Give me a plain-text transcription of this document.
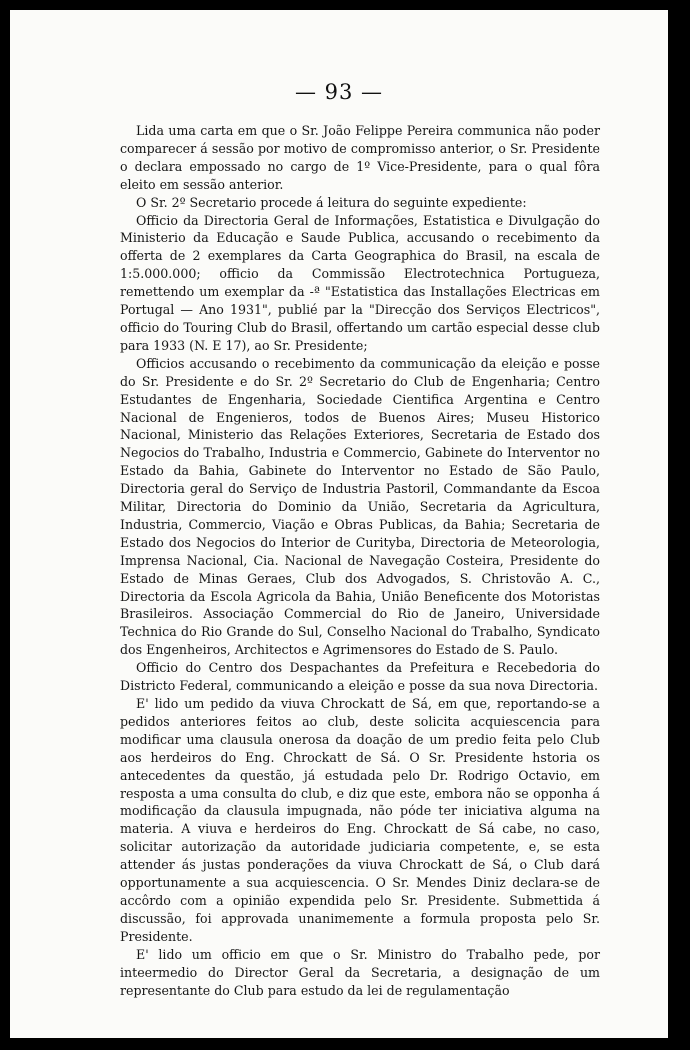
— 93 —

Lida uma carta em que o Sr. João Felippe Pereira communica não poder comparecer á sessão por motivo de compromisso anterior, o Sr. Presidente o declara empossado no cargo de 1º Vice-Presidente, para o qual fôra eleito em sessão anterior.

O Sr. 2º Secretario procede á leitura do seguinte expediente:

Officio da Directoria Geral de Informações, Estatistica e Divulgação do Ministerio da Educação e Saude Publica, accusando o recebimento da offerta de 2 exemplares da Carta Geographica do Brasil, na escala de 1:5.000.000; officio da Commissão Electrotechnica Portugueza, remettendo um exemplar da -ª "Estatistica das Installações Electricas em Portugal — Ano 1931", publié par la "Direcção dos Serviços Electricos", officio do Touring Club do Brasil, offertando um cartão especial desse club para 1933 (N. E 17), ao Sr. Presidente;

Officios accusando o recebimento da communicação da eleição e posse do Sr. Presidente e do Sr. 2º Secretario do Club de Engenharia; Centro Estudantes de Engenharia, Sociedade Cientifica Argentina e Centro Nacional de Engenieros, todos de Buenos Aires; Museu Historico Nacional, Ministerio das Relações Exteriores, Secretaria de Estado dos Negocios do Trabalho, Industria e Commercio, Gabinete do Interventor no Estado da Bahia, Gabinete do Interventor no Estado de São Paulo, Directoria geral do Serviço de Industria Pastoril, Commandante da Escoa Militar, Directoria do Dominio da União, Secretaria da Agricultura, Industria, Commercio, Viação e Obras Publicas, da Bahia; Secretaria de Estado dos Negocios do Interior de Curityba, Directoria de Meteorologia, Imprensa Nacional, Cia. Nacional de Navegação Costeira, Presidente do Estado de Minas Geraes, Club dos Advogados, S. Christovão A. C., Directoria da Escola Agricola da Bahia, União Beneficente dos Motoristas Brasileiros. Associação Commercial do Rio de Janeiro, Universidade Technica do Rio Grande do Sul, Conselho Nacional do Trabalho, Syndicato dos Engenheiros, Architectos e Agrimensores do Estado de S. Paulo.

Officio do Centro dos Despachantes da Prefeitura e Recebedoria do Districto Federal, communicando a eleição e posse da sua nova Directoria.

E' lido um pedido da viuva Chrockatt de Sá, em que, reportando-se a pedidos anteriores feitos ao club, deste solicita acquiescencia para modificar uma clausula onerosa da doação de um predio feita pelo Club aos herdeiros do Eng. Chrockatt de Sá. O Sr. Presidente hstoria os antecedentes da questão, já estudada pelo Dr. Rodrigo Octavio, em resposta a uma consulta do club, e diz que este, embora não se opponha á modificação da clausula impugnada, não póde ter iniciativa alguma na materia. A viuva e herdeiros do Eng. Chrockatt de Sá cabe, no caso, solicitar autorização da autoridade judiciaria competente, e, se esta attender ás justas ponderações da viuva Chrockatt de Sá, o Club dará opportunamente a sua acquiescencia. O Sr. Mendes Diniz declara-se de accôrdo com a opinião expendida pelo Sr. Presidente. Submettida á discussão, foi approvada unanimemente a formula proposta pelo Sr. Presidente.

E' lido um officio em que o Sr. Ministro do Trabalho pede, por inteermedio do Director Geral da Secretaria, a designação de um representante do Club para estudo da lei de regulamentação
